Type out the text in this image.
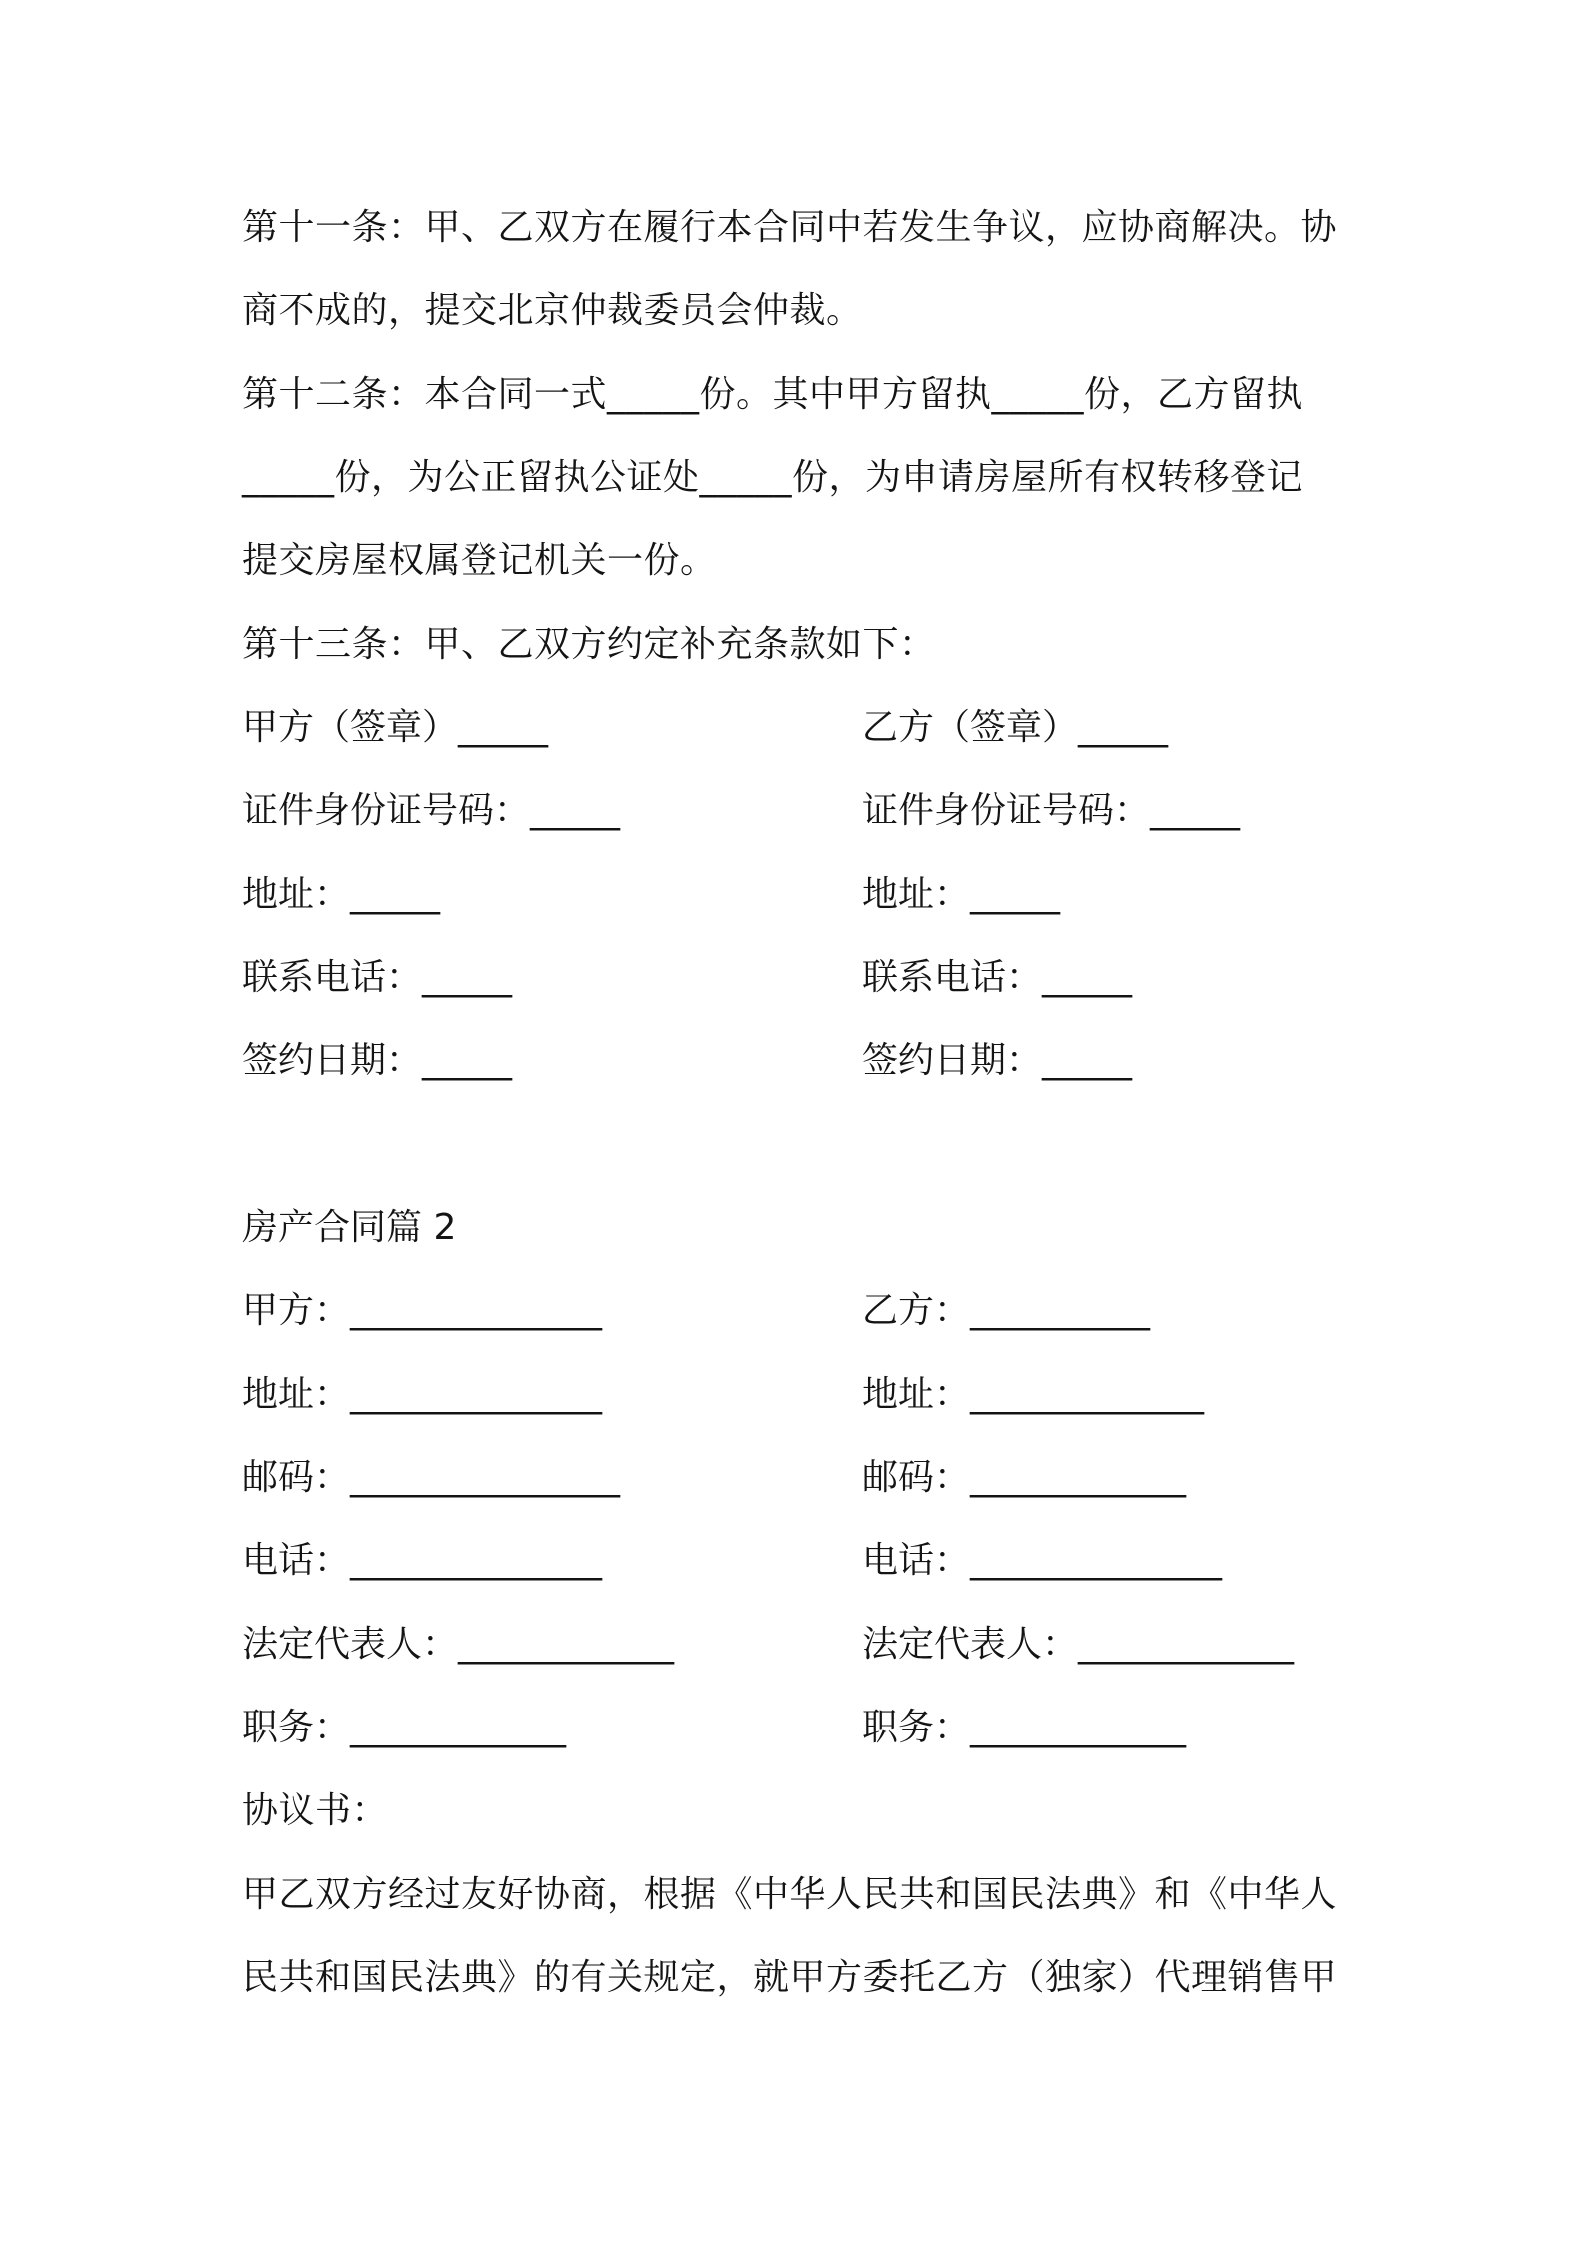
第十一条：甲、乙双方在履行本合同中若发生争议，应协商解决。协
商不成的，提交北京仲裁委员会仲裁。
第十二条：本合同一式_____份。其中甲方留执_____份，乙方留执
_____份，为公正留执公证处_____份，为申请房屋所有权转移登记
提交房屋权属登记机关一份。
第十三条：甲、乙双方约定补充条款如下：
甲方（签章）_____	乙方（签章）_____
证件身份证号码：_____	证件身份证号码：_____
地址：_____	地址：_____
联系电话：_____	联系电话：_____
签约日期：_____	签约日期：_____
房产合同篇 2
甲方：______________	乙方：__________
地址：______________	地址：_____________
邮码：_______________	邮码：____________
电话：______________	电话：______________
法定代表人：____________	法定代表人：____________
职务：____________	职务：____________
协议书：
甲乙双方经过友好协商，根据《中华人民共和国民法典》和《中华人
民共和国民法典》的有关规定，就甲方委托乙方（独家）代理销售甲
